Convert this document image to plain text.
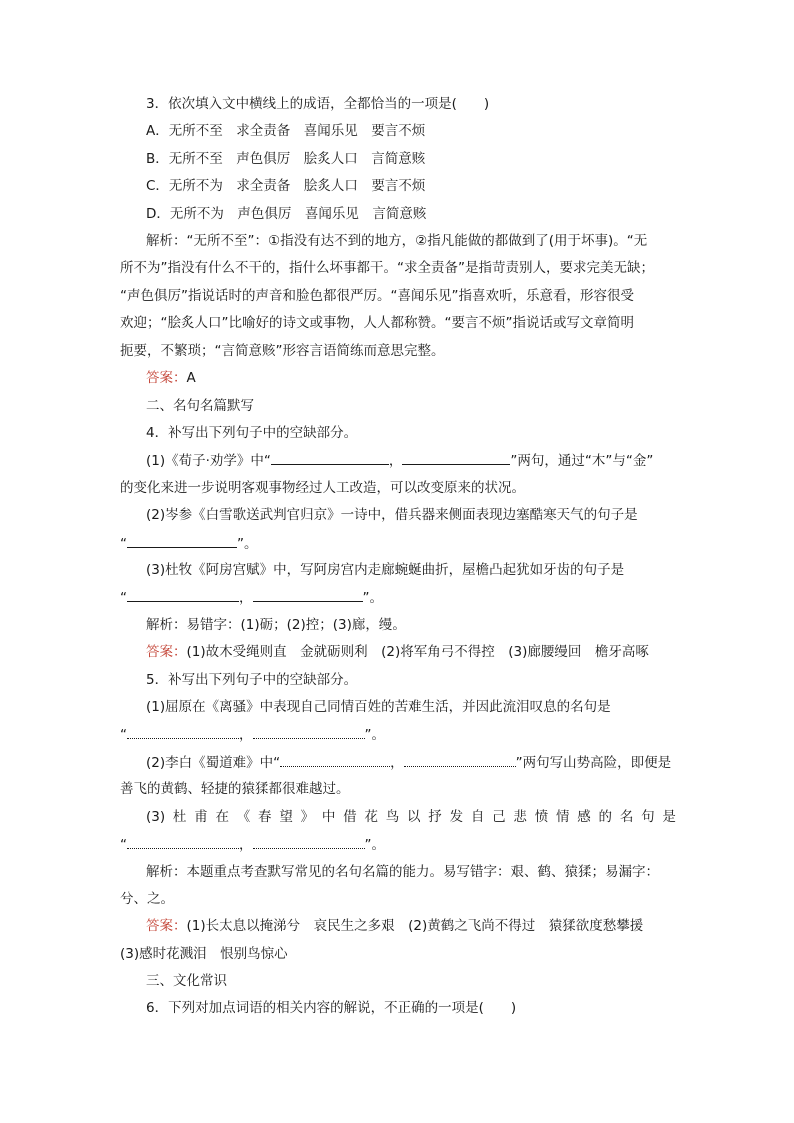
3．依次填入文中横线上的成语，全都恰当的一项是(　　)
A．无所不至　求全责备　喜闻乐见　要言不烦
B．无所不至　声色俱厉　脍炙人口　言简意赅
C．无所不为　求全责备　脍炙人口　要言不烦
D．无所不为　声色俱厉　喜闻乐见　言简意赅
解析：“无所不至”：①指没有达不到的地方，②指凡能做的都做到了(用于坏事)。“无
所不为”指没有什么不干的，指什么坏事都干。“求全责备”是指苛责别人，要求完美无缺；
“声色俱厉”指说话时的声音和脸色都很严厉。“喜闻乐见”指喜欢听，乐意看，形容很受
欢迎；“脍炙人口”比喻好的诗文或事物，人人都称赞。“要言不烦”指说话或写文章简明
扼要，不繁琐；“言简意赅”形容言语简练而意思完整。
答案：A
二、名句名篇默写
4．补写出下列句子中的空缺部分。
(1)《荀子·劝学》中“	，	”两句，通过“木”与“金”
的变化来进一步说明客观事物经过人工改造，可以改变原来的状况。
(2)岑参《白雪歌送武判官归京》一诗中，借兵器来侧面表现边塞酷寒天气的句子是
“	”。
(3)杜牧《阿房宫赋》中，写阿房宫内走廊蜿蜒曲折，屋檐凸起犹如牙齿的句子是
“	，	”。
解析：易错字：(1)砺；(2)控；(3)廊，缦。
答案：(1)故木受绳则直　金就砺则利　(2)将军角弓不得控　(3)廊腰缦回　檐牙高啄
5．补写出下列句子中的空缺部分。
(1)屈原在《离骚》中表现自己同情百姓的苦难生活，并因此流泪叹息的名句是
“	，	”。
(2)李白《蜀道难》中“	，	”两句写山势高险，即便是
善飞的黄鹤、轻捷的猿猱都很难越过。
(3) 杜 甫 在 《 春 望 》 中 借 花 鸟 以 抒 发 自 己 悲 愤 情 感 的 名 句 是
“	，	”。
解析：本题重点考查默写常见的名句名篇的能力。易写错字：艰、鹤、猿猱；易漏字：
兮、之。
答案：(1)长太息以掩涕兮　哀民生之多艰　(2)黄鹤之飞尚不得过　猿猱欲度愁攀援
(3)感时花溅泪　恨别鸟惊心
三、文化常识
6．下列对加点词语的相关内容的解说，不正确的一项是(　　)
